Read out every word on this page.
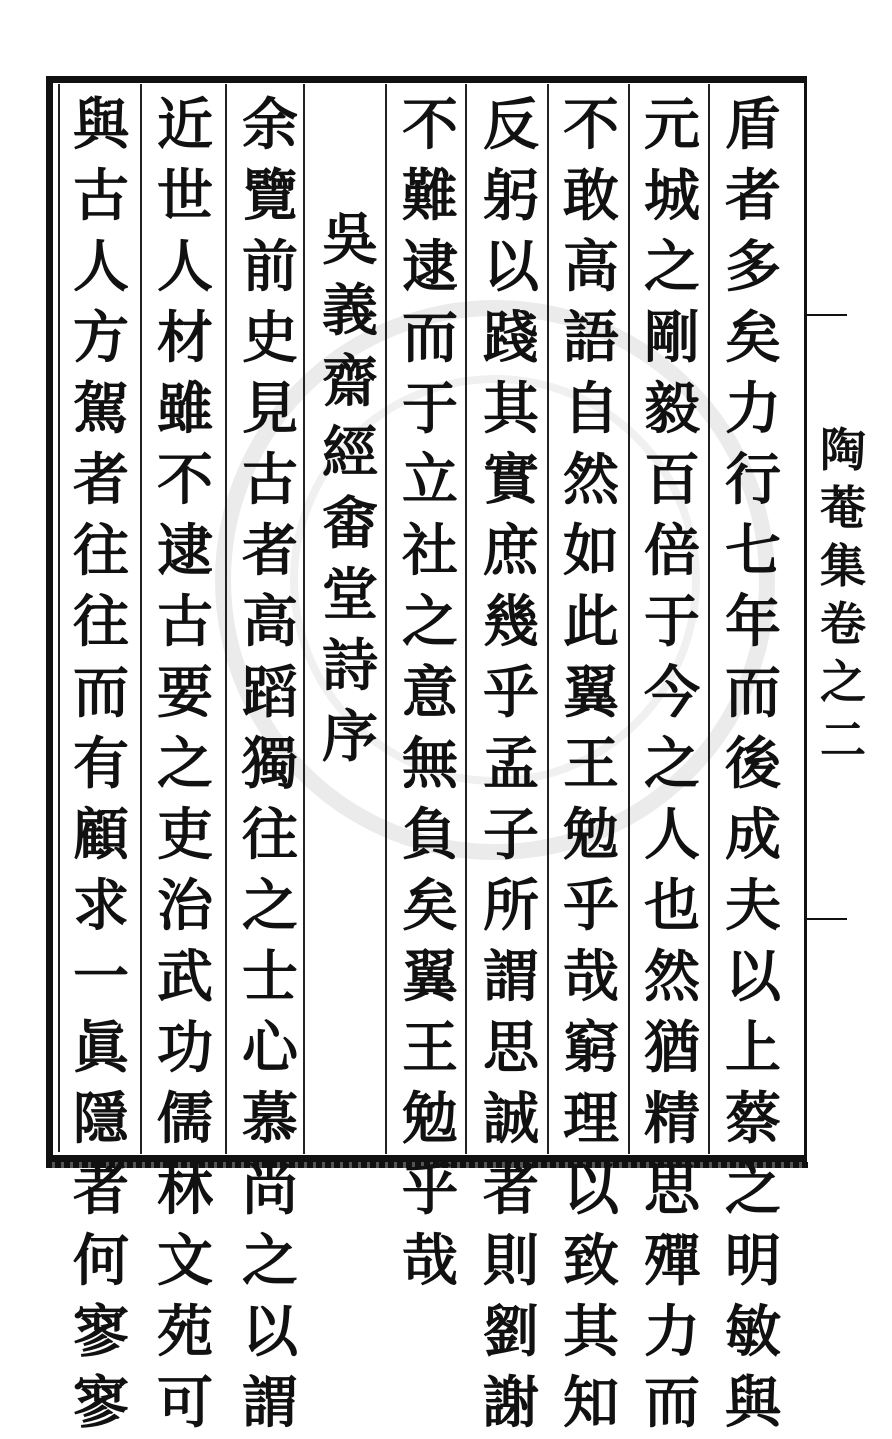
陶
菴
集
卷
之
二
盾
者
多
矣
力
行
七
年
而
後
成
夫
以
上
蔡
之
明
敏
與
元
城
之
剛
毅
百
倍
于
今
之
人
也
然
猶
精
思
殫
力
而
不
敢
高
語
自
然
如
此
翼
王
勉
乎
哉
窮
理
以
致
其
知
反
躬
以
踐
其
實
庶
幾
乎
孟
子
所
謂
思
誠
者
則
劉
謝
不
難
逮
而
于
立
社
之
意
無
負
矣
翼
王
勉
乎
哉
吳
義
齋
經
畬
堂
詩
序
余
覽
前
史
見
古
者
高
蹈
獨
往
之
士
心
慕
尚
之
以
謂
近
世
人
材
雖
不
逮
古
要
之
吏
治
武
功
儒
林
文
苑
可
與
古
人
方
駕
者
往
往
而
有
顧
求
一
眞
隱
者
何
寥
寥
